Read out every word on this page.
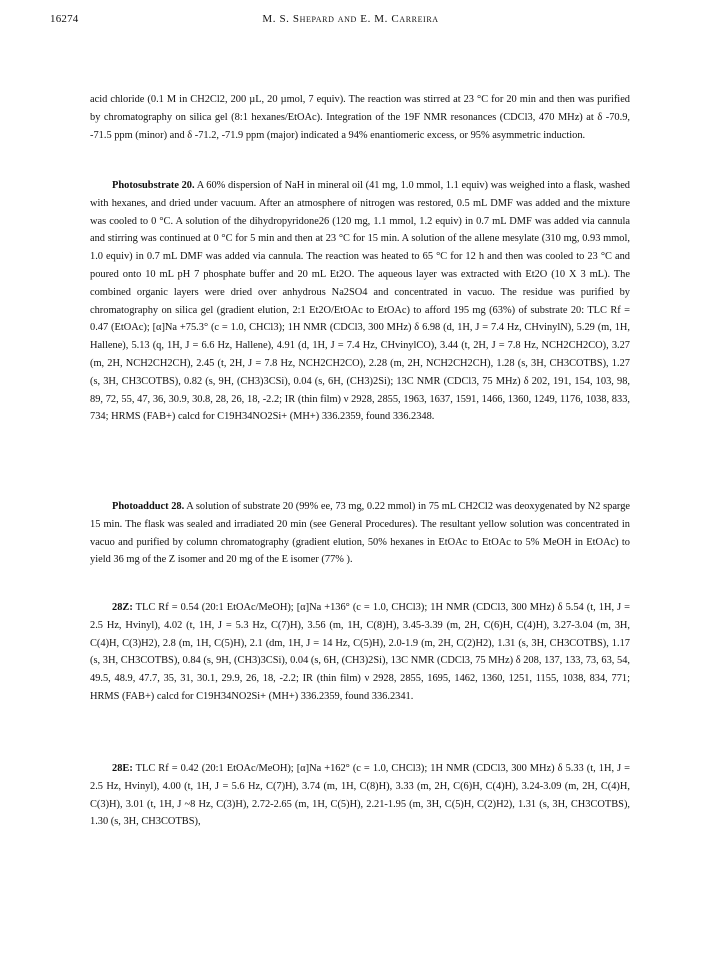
16274	M. S. Shepard and E. M. Carreira

acid chloride (0.1 M in CH2Cl2, 200 µL, 20 µmol, 7 equiv). The reaction was stirred at 23 °C for 20 min and then was purified by chromatography on silica gel (8:1 hexanes/EtOAc). Integration of the 19F NMR resonances (CDCl3, 470 MHz) at δ -70.9, -71.5 ppm (minor) and δ -71.2, -71.9 ppm (major) indicated a 94% enantiomeric excess, or 95% asymmetric induction.

Photosubstrate 20. A 60% dispersion of NaH in mineral oil (41 mg, 1.0 mmol, 1.1 equiv) was weighed into a flask, washed with hexanes, and dried under vacuum. After an atmosphere of nitrogen was restored, 0.5 mL DMF was added and the mixture was cooled to 0 °C. A solution of the dihydropyridone26 (120 mg, 1.1 mmol, 1.2 equiv) in 0.7 mL DMF was added via cannula and stirring was continued at 0 °C for 5 min and then at 23 °C for 15 min. A solution of the allene mesylate (310 mg, 0.93 mmol, 1.0 equiv) in 0.7 mL DMF was added via cannula. The reaction was heated to 65 °C for 12 h and then was cooled to 23 °C and poured onto 10 mL pH 7 phosphate buffer and 20 mL Et2O. The aqueous layer was extracted with Et2O (10 X 3 mL). The combined organic layers were dried over anhydrous Na2SO4 and concentrated in vacuo. The residue was purified by chromatography on silica gel (gradient elution, 2:1 Et2O/EtOAc to EtOAc) to afford 195 mg (63%) of substrate 20: TLC Rf = 0.47 (EtOAc); [α]Na +75.3° (c = 1.0, CHCl3); 1H NMR (CDCl3, 300 MHz) δ 6.98 (d, 1H, J = 7.4 Hz, CHvinylN), 5.29 (m, 1H, Hallene), 5.13 (q, 1H, J = 6.6 Hz, Hallene), 4.91 (d, 1H, J = 7.4 Hz, CHvinylCO), 3.44 (t, 2H, J = 7.8 Hz, NCH2CH2CO), 3.27 (m, 2H, NCH2CH2CH), 2.45 (t, 2H, J = 7.8 Hz, NCH2CH2CO), 2.28 (m, 2H, NCH2CH2CH), 1.28 (s, 3H, CH3COTBS), 1.27 (s, 3H, CH3COTBS), 0.82 (s, 9H, (CH3)3CSi), 0.04 (s, 6H, (CH3)2Si); 13C NMR (CDCl3, 75 MHz) δ 202, 191, 154, 103, 98, 89, 72, 55, 47, 36, 30.9, 30.8, 28, 26, 18, -2.2; IR (thin film) ν 2928, 2855, 1963, 1637, 1591, 1466, 1360, 1249, 1176, 1038, 833, 734; HRMS (FAB+) calcd for C19H34NO2Si+ (MH+) 336.2359, found 336.2348.

Photoadduct 28. A solution of substrate 20 (99% ee, 73 mg, 0.22 mmol) in 75 mL CH2Cl2 was deoxygenated by N2 sparge 15 min. The flask was sealed and irradiated 20 min (see General Procedures). The resultant yellow solution was concentrated in vacuo and purified by column chromatography (gradient elution, 50% hexanes in EtOAc to EtOAc to 5% MeOH in EtOAc) to yield 36 mg of the Z isomer and 20 mg of the E isomer (77% ).

28Z: TLC Rf = 0.54 (20:1 EtOAc/MeOH); [α]Na +136° (c = 1.0, CHCl3); 1H NMR (CDCl3, 300 MHz) δ 5.54 (t, 1H, J = 2.5 Hz, Hvinyl), 4.02 (t, 1H, J = 5.3 Hz, C(7)H), 3.56 (m, 1H, C(8)H), 3.45-3.39 (m, 2H, C(6)H, C(4)H), 3.27-3.04 (m, 3H, C(4)H, C(3)H2), 2.8 (m, 1H, C(5)H), 2.1 (dm, 1H, J = 14 Hz, C(5)H), 2.0-1.9 (m, 2H, C(2)H2), 1.31 (s, 3H, CH3COTBS), 1.17 (s, 3H, CH3COTBS), 0.84 (s, 9H, (CH3)3CSi), 0.04 (s, 6H, (CH3)2Si), 13C NMR (CDCl3, 75 MHz) δ 208, 137, 133, 73, 63, 54, 49.5, 48.9, 47.7, 35, 31, 30.1, 29.9, 26, 18, -2.2; IR (thin film) ν 2928, 2855, 1695, 1462, 1360, 1251, 1155, 1038, 834, 771; HRMS (FAB+) calcd for C19H34NO2Si+ (MH+) 336.2359, found 336.2341.

28E: TLC Rf = 0.42 (20:1 EtOAc/MeOH); [α]Na +162° (c = 1.0, CHCl3); 1H NMR (CDCl3, 300 MHz) δ 5.33 (t, 1H, J = 2.5 Hz, Hvinyl), 4.00 (t, 1H, J = 5.6 Hz, C(7)H), 3.74 (m, 1H, C(8)H), 3.33 (m, 2H, C(6)H, C(4)H), 3.24-3.09 (m, 2H, C(4)H, C(3)H), 3.01 (t, 1H, J ~8 Hz, C(3)H), 2.72-2.65 (m, 1H, C(5)H), 2.21-1.95 (m, 3H, C(5)H, C(2)H2), 1.31 (s, 3H, CH3COTBS), 1.30 (s, 3H, CH3COTBS),
